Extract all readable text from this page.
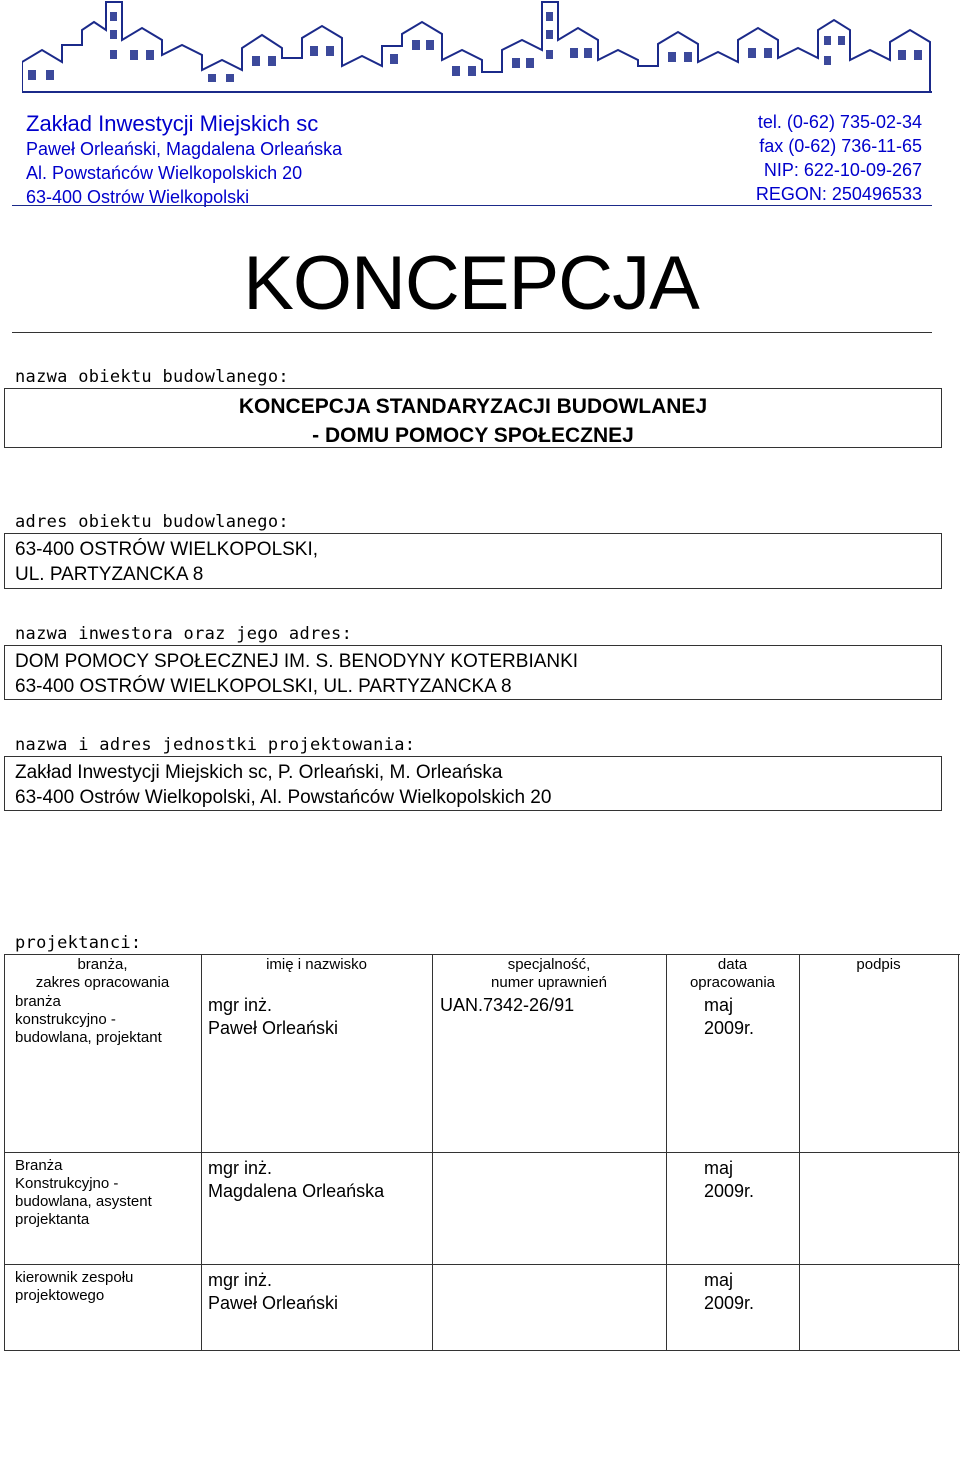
Zakład Inwestycji Miejskich sc
Paweł Orleański, Magdalena Orleańska
Al. Powstańców Wielkopolskich 20
63-400 Ostrów Wielkopolski
tel. (0-62) 735-02-34
fax (0-62) 736-11-65
NIP: 622-10-09-267
REGON: 250496533
KONCEPCJA
nazwa obiektu budowlanego:
KONCEPCJA STANDARYZACJI BUDOWLANEJ
- DOMU POMOCY SPOŁECZNEJ
adres obiektu budowlanego:
63-400 OSTRÓW WIELKOPOLSKI,
UL. PARTYZANCKA 8
nazwa inwestora oraz jego adres:
DOM POMOCY SPOŁECZNEJ IM. S. BENODYNY KOTERBIANKI
63-400 OSTRÓW WIELKOPOLSKI, UL. PARTYZANCKA 8
nazwa i adres jednostki projektowania:
Zakład Inwestycji Miejskich sc, P. Orleański, M. Orleańska
63-400 Ostrów Wielkopolski, Al. Powstańców Wielkopolskich 20
projektanci:
branża,
zakres opracowania
imię i nazwisko	specjalność,
numer uprawnień
data
opracowania
podpis
branża
konstrukcyjno -
budowlana, projektant
mgr inż.
Paweł Orleański
UAN.7342-26/91	maj
2009r.
Branża
Konstrukcyjno -
budowlana, asystent
projektanta
mgr inż.
Magdalena Orleańska
maj
2009r.
kierownik zespołu
projektowego
mgr inż.
Paweł Orleański
maj
2009r.
